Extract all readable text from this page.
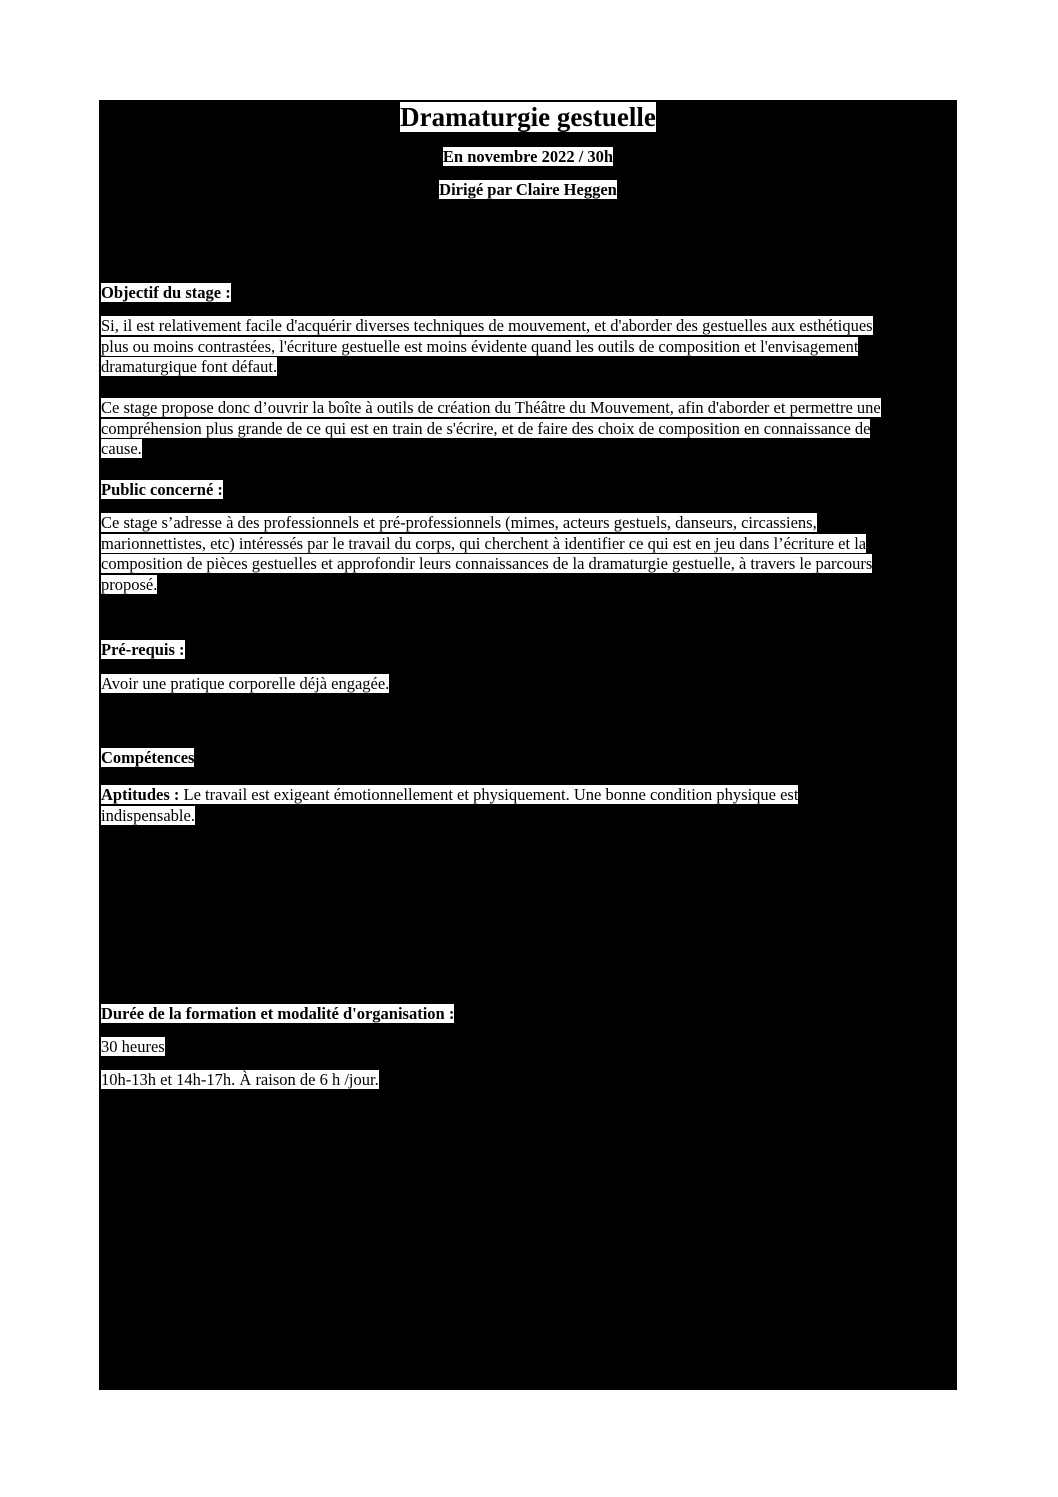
Dramaturgie gestuelle

En novembre 2022 / 30h

Dirigé par Claire Heggen

Objectif du stage :

Si, il est relativement facile d'acquérir diverses techniques de mouvement, et d'aborder des gestuelles aux esthétiques
plus ou moins contrastées, l'écriture gestuelle est moins évidente quand les outils de composition et l'envisagement
dramaturgique font défaut.
Ce stage propose donc d’ouvrir la boîte à outils de création du Théâtre du Mouvement, afin d'aborder et permettre une
compréhension plus grande de ce qui est en train de s'écrire, et de faire des choix de composition en connaissance de
cause.

Public concerné :

Ce stage s’adresse à des professionnels et pré-professionnels (mimes, acteurs gestuels, danseurs, circassiens,
marionnettistes, etc) intéressés par le travail du corps, qui cherchent à identifier ce qui est en jeu dans l’écriture et la
composition de pièces gestuelles et approfondir leurs connaissances de la dramaturgie gestuelle, à travers le parcours
proposé.

Pré-requis :

Avoir une pratique corporelle déjà engagée.

Compétences

Aptitudes : Le travail est exigeant émotionnellement et physiquement. Une bonne condition physique est
indispensable.

Durée de la formation et modalité d'organisation :

30 heures

10h-13h et 14h-17h. À raison de 6 h /jour.
